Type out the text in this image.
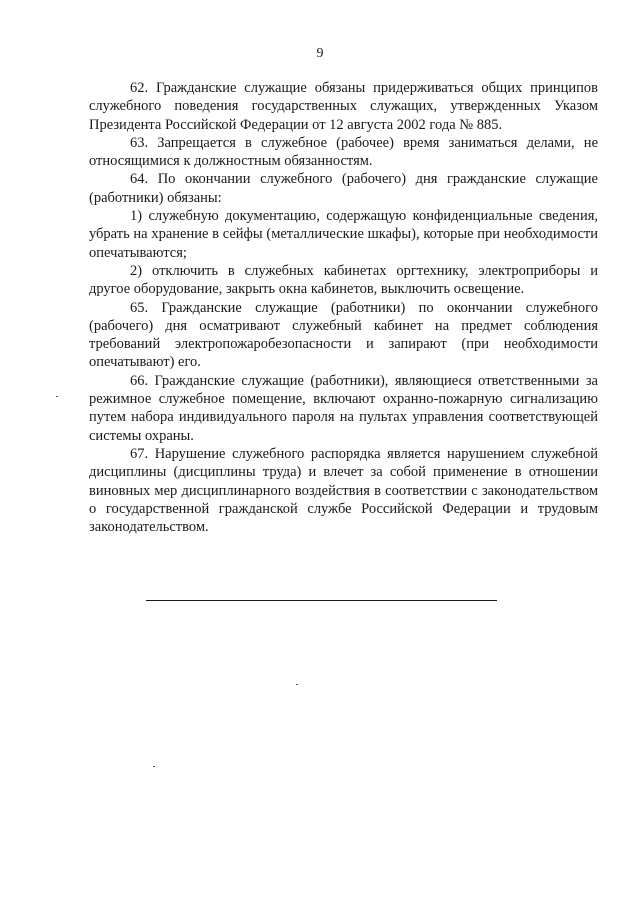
9

62. Гражданские служащие обязаны придерживаться общих принципов служебного поведения государственных служащих, утвержденных Указом Президента Российской Федерации от 12 августа 2002 года № 885.

63. Запрещается в служебное (рабочее) время заниматься делами, не относящимися к должностным обязанностям.

64. По окончании служебного (рабочего) дня гражданские служащие (работники) обязаны:

1) служебную документацию, содержащую конфиденциальные сведения, убрать на хранение в сейфы (металлические шкафы), которые при необходимости опечатываются;

2) отключить в служебных кабинетах оргтехнику, электроприборы и другое оборудование, закрыть окна кабинетов, выключить освещение.

65. Гражданские служащие (работники) по окончании служебного (рабочего) дня осматривают служебный кабинет на предмет соблюдения требований электропожаробезопасности и запирают (при необходимости опечатывают) его.

66. Гражданские служащие (работники), являющиеся ответственными за режимное служебное помещение, включают охранно-пожарную сигнализацию путем набора индивидуального пароля на пультах управления соответствующей системы охраны.

67. Нарушение служебного распорядка является нарушением служебной дисциплины (дисциплины труда) и влечет за собой применение в отношении виновных мер дисциплинарного воздействия в соответствии с законодательством о государственной гражданской службе Российской Федерации и трудовым законодательством.
